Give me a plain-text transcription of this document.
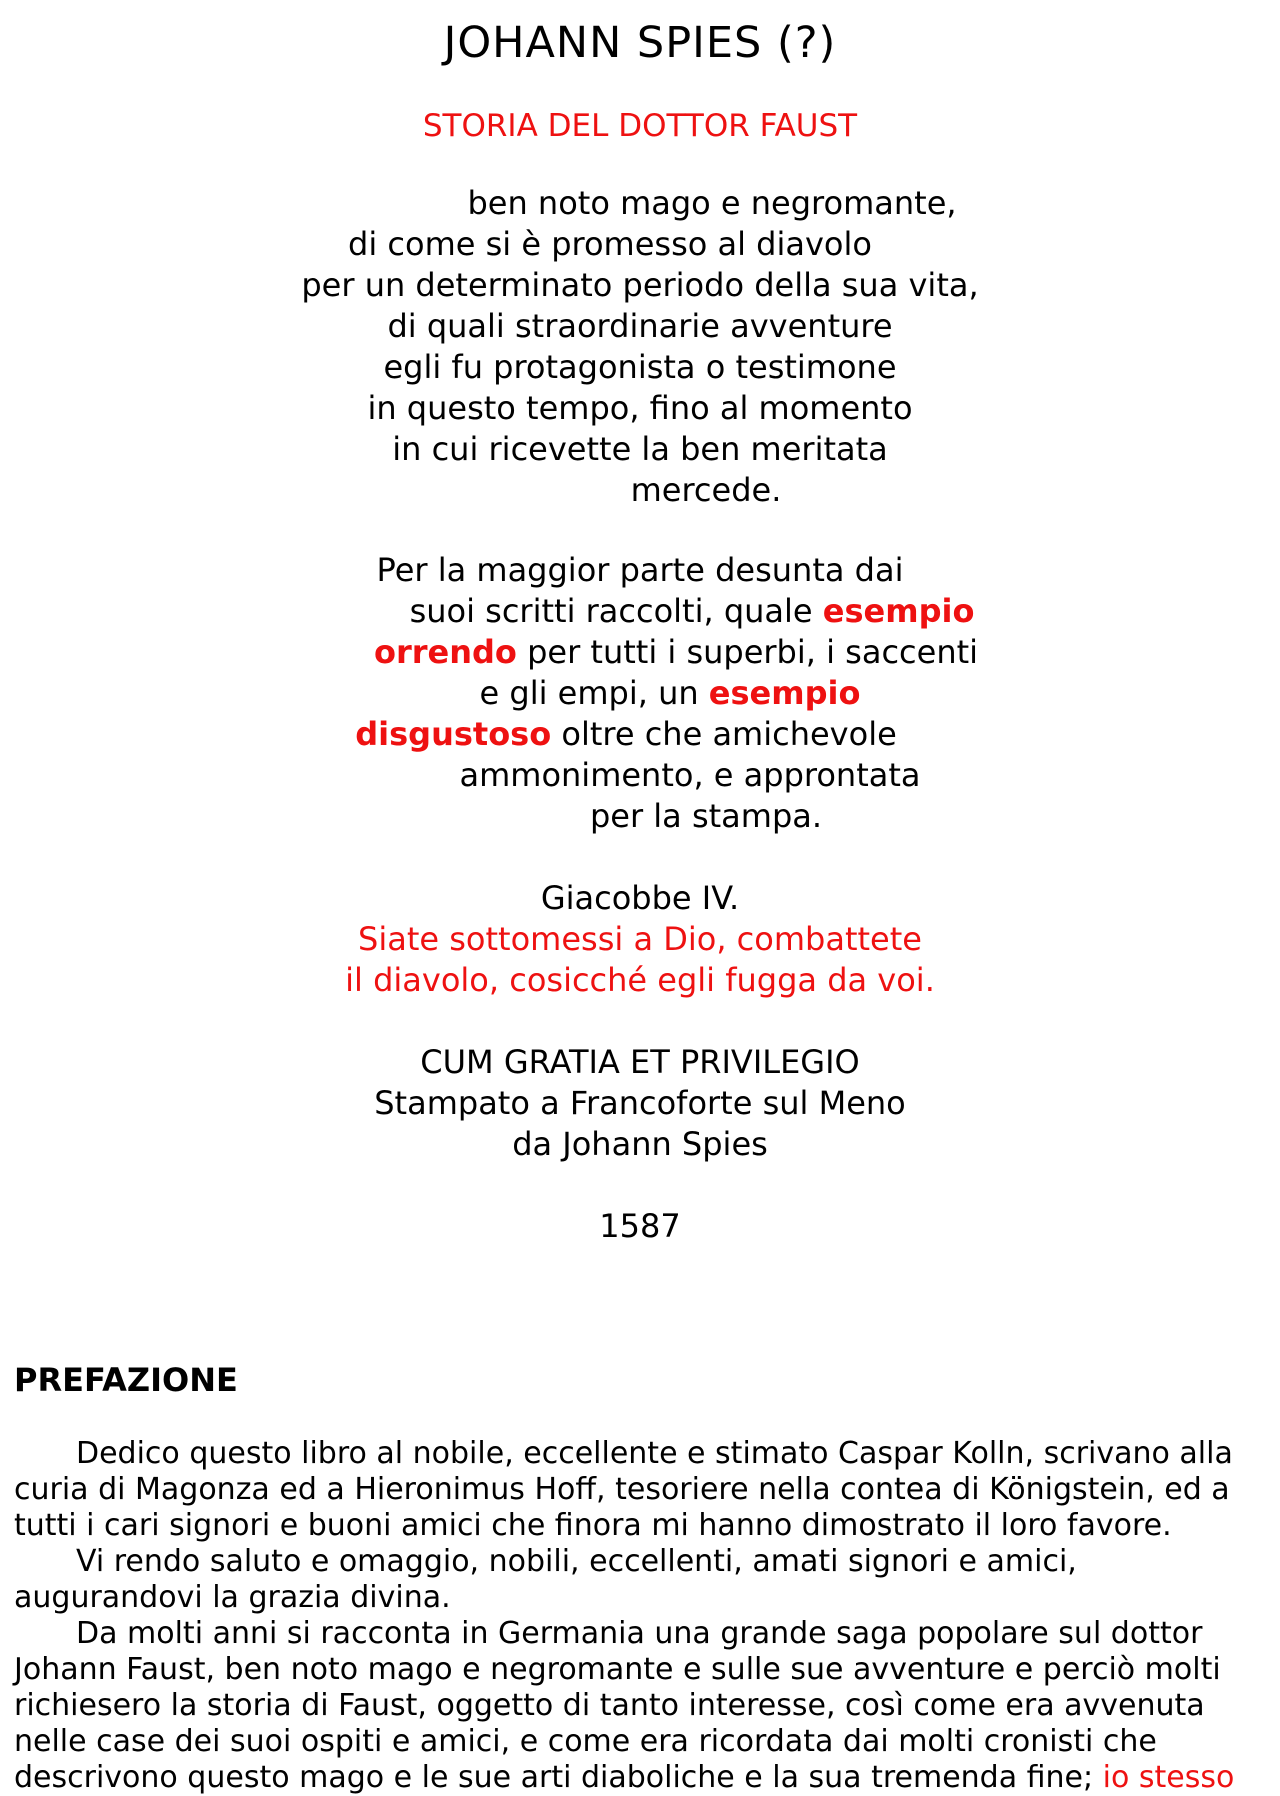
JOHANN SPIES (?)
STORIA DEL DOTTOR FAUST
ben noto mago e negromante,
di come si è promesso al diavolo
per un determinato periodo della sua vita,
di quali straordinarie avventure
egli fu protagonista o testimone
in questo tempo, fino al momento
in cui ricevette la ben meritata
mercede.
Per la maggior parte desunta dai
suoi scritti raccolti, quale esempio
orrendo per tutti i superbi, i saccenti
e gli empi, un esempio
disgustoso oltre che amichevole
ammonimento, e approntata
per la stampa.
Giacobbe IV.
Siate sottomessi a Dio, combattete
il diavolo, cosicché egli fugga da voi.
CUM GRATIA ET PRIVILEGIO
Stampato a Francoforte sul Meno
da Johann Spies
1587
PREFAZIONE

Dedico questo libro al nobile, eccellente e stimato Caspar Kolln, scrivano alla

curia di Magonza ed a Hieronimus Hoff, tesoriere nella contea di Königstein, ed a
tutti i cari signori e buoni amici che finora mi hanno dimostrato il loro favore.

Vi rendo saluto e omaggio, nobili, eccellenti, amati signori e amici,

augurandovi la grazia divina.

Da molti anni si racconta in Germania una grande saga popolare sul dottor

Johann Faust, ben noto mago e negromante e sulle sue avventure e perciò molti
richiesero la storia di Faust, oggetto di tanto interesse, così come era avvenuta
nelle case dei suoi ospiti e amici, e come era ricordata dai molti cronisti che
descrivono questo mago e le sue arti diaboliche e la sua tremenda fine; io stesso
